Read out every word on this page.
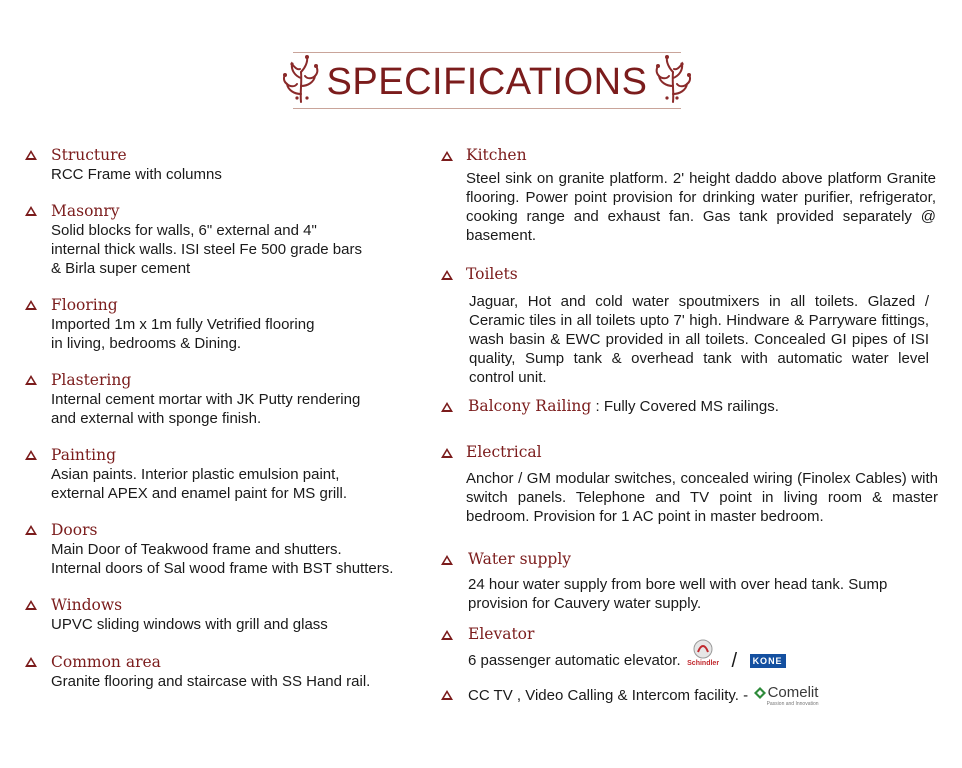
SPECIFICATIONS
Structure
RCC Frame with columns
Masonry
Solid blocks for walls, 6" external and 4"
internal thick walls. ISI steel Fe 500 grade bars
& Birla super cement
Flooring
Imported 1m x 1m fully Vetrified flooring
in living, bedrooms & Dining.
Plastering
Internal cement mortar with JK Putty rendering
and external with sponge finish.
Painting
Asian paints. Interior plastic emulsion paint,
external APEX and enamel paint for MS grill.
Doors
Main Door of Teakwood frame and shutters.
Internal doors of Sal wood frame with BST shutters.
Windows
UPVC sliding windows with grill and glass
Common area
Granite flooring and staircase with SS Hand rail.
Kitchen
Steel sink on granite platform. 2' height daddo above platform Granite flooring. Power point provision for drinking water purifier, refrigerator, cooking range and exhaust fan. Gas tank provided separately @ basement.
Toilets
Jaguar, Hot and cold water spoutmixers in all toilets. Glazed / Ceramic tiles in all toilets upto 7' high. Hindware & Parryware fittings, wash basin & EWC provided in all toilets. Concealed GI pipes of ISI quality, Sump tank & overhead tank with automatic water level control unit.
Balcony Railing : Fully Covered MS railings.
Electrical
Anchor / GM modular switches, concealed wiring (Finolex Cables) with switch panels. Telephone and TV point in living room & master bedroom. Provision for 1 AC point in master bedroom.
Water supply
24 hour water supply from bore well with over head tank. Sump
provision for Cauvery water supply.
Elevator
6 passenger automatic elevator. Schindler / KONE
CC TV , Video Calling & Intercom facility. - Comelit
Passion and Innovation
